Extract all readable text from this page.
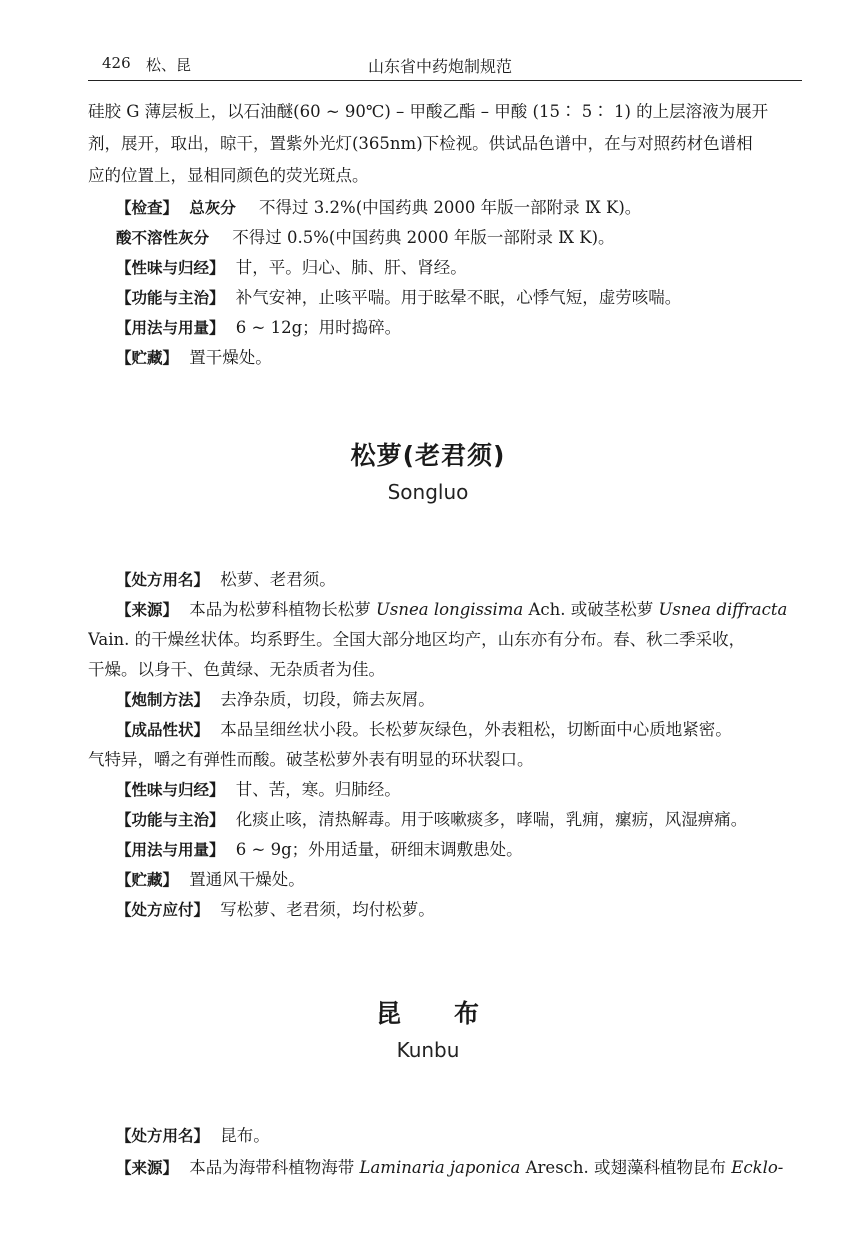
426 松、昆	山东省中药炮制规范
硅胶 G 薄层板上，以石油醚(60 ~ 90℃) – 甲酸乙酯 – 甲酸 (15∶ 5∶ 1) 的上层溶液为展开
剂，展开，取出，晾干，置紫外光灯(365nm)下检视。供试品色谱中，在与对照药材色谱相
应的位置上，显相同颜色的荧光斑点。
【检查】 总灰分 不得过 3.2%(中国药典 2000 年版一部附录 Ⅸ K)。
酸不溶性灰分 不得过 0.5%(中国药典 2000 年版一部附录 Ⅸ K)。
【性味与归经】 甘，平。归心、肺、肝、肾经。
【功能与主治】 补气安神，止咳平喘。用于眩晕不眠，心悸气短，虚劳咳喘。
【用法与用量】 6 ~ 12g；用时捣碎。
【贮藏】 置干燥处。
松萝(老君须)
Songluo
【处方用名】 松萝、老君须。
【来源】 本品为松萝科植物长松萝 Usnea longissima Ach. 或破茎松萝 Usnea diffracta
Vain. 的干燥丝状体。均系野生。全国大部分地区均产，山东亦有分布。春、秋二季采收，
干燥。以身干、色黄绿、无杂质者为佳。
【炮制方法】 去净杂质，切段，筛去灰屑。
【成品性状】 本品呈细丝状小段。长松萝灰绿色，外表粗松，切断面中心质地紧密。
气特异，嚼之有弹性而酸。破茎松萝外表有明显的环状裂口。
【性味与归经】 甘、苦，寒。归肺经。
【功能与主治】 化痰止咳，清热解毒。用于咳嗽痰多，哮喘，乳痈，瘰疬，风湿痹痛。
【用法与用量】 6 ~ 9g；外用适量，研细末调敷患处。
【贮藏】 置通风干燥处。
【处方应付】 写松萝、老君须，均付松萝。
昆　　布
Kunbu
【处方用名】 昆布。
【来源】 本品为海带科植物海带 Laminaria japonica Aresch. 或翅藻科植物昆布 Ecklo-
